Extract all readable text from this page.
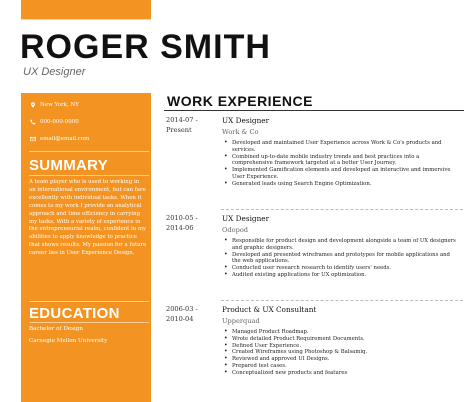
ROGER SMITH
UX Designer
New York, NY
000-000-0000
email@email.com
SUMMARY

A team player who is used to working in an international environment, but can fare excellently with individual tasks. When it comes to my work I provide an analytical approach and time efficiency in carrying my tasks. With a variety of experience in the entrepreneurial realm, confident in my abilities to apply knowledge to practice that shows results. My passion for a future career lies in User Experience Design.

EDUCATION
Bachelor of Design
Carnegie Mellon University
WORK EXPERIENCE
2014-07 -
Present
UX Designer
Work & Co
• Developed and maintained User Experience across Work & Co's products and services.
• Combined up-to-date mobile industry trends and best practices into a comprehensive framework targeted at a better User Journey.
• Implemented Gamification elements and developed an interactive and immersive User Experience.
• Generated leads using Search Engine Optimization.
2010-05 -
2014-06
UX Designer
Odopod
• Responsible for product design and development alongside a team of UX designers and graphic designers.
• Developed and presented wireframes and prototypes for mobile applications and the web applications.
• Conducted user research research to identify users' needs.
• Audited existing applications for UX optimization.
2006-03 -
2010-04
Product & UX Consultant
Upperquad
• Managed Product Roadmap.
• Wrote detailed Product Requirement Documents.
• Defined User Experience.
• Created Wireframes using Photoshop & Balsamiq.
• Reviewed and approved UI Designs.
• Prepared test cases.
• Conceptualized new products and features
